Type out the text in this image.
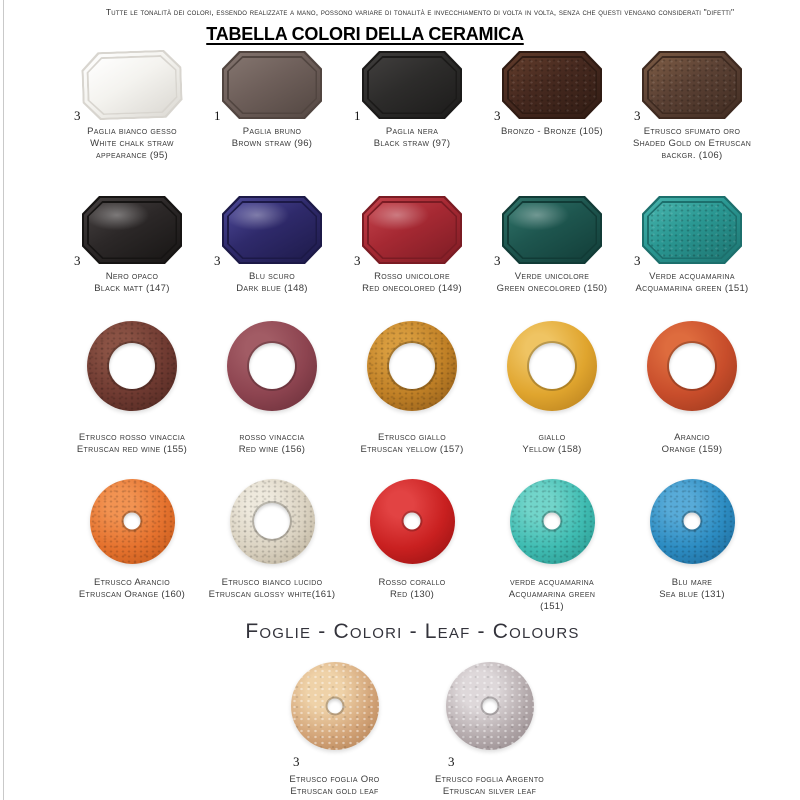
Tutte le tonalità dei colori, essendo realizzate a mano, possono variare di tonalità e invecchiamento di volta in volta, senza che questi vengano considerati "difetti"
TABELLA COLORI DELLA CERAMICA
3
Paglia bianco gesso
White chalk straw
appearance (95)
1
Paglia bruno
Brown straw (96)
1
Paglia nera
Black straw (97)
3
Bronzo - Bronze (105)
3
Etrusco sfumato oro
Shaded Gold on Etruscan
backgr. (106)
3
Nero opaco
Black matt (147)
3
Blu scuro
Dark blue (148)
3
Rosso unicolore
Red onecolored (149)
3
Verde unicolore
Green onecolored (150)
3
Verde acquamarina
Acquamarina green (151)
Etrusco rosso vinaccia
Etruscan red wine (155)
rosso vinaccia
Red wine (156)
Etrusco giallo
Etruscan yellow (157)
giallo
Yellow (158)
Arancio
Orange (159)
Etrusco Arancio
Etruscan Orange (160)
Etrusco bianco lucido
Etruscan glossy white(161)
Rosso corallo
Red (130)
verde acquamarina
Acquamarina green
(151)
Blu mare
Sea blue (131)
Foglie - Colori - Leaf - Colours
3
Etrusco foglia Oro
Etruscan gold leaf
3
Etrusco foglia Argento
Etruscan silver leaf
